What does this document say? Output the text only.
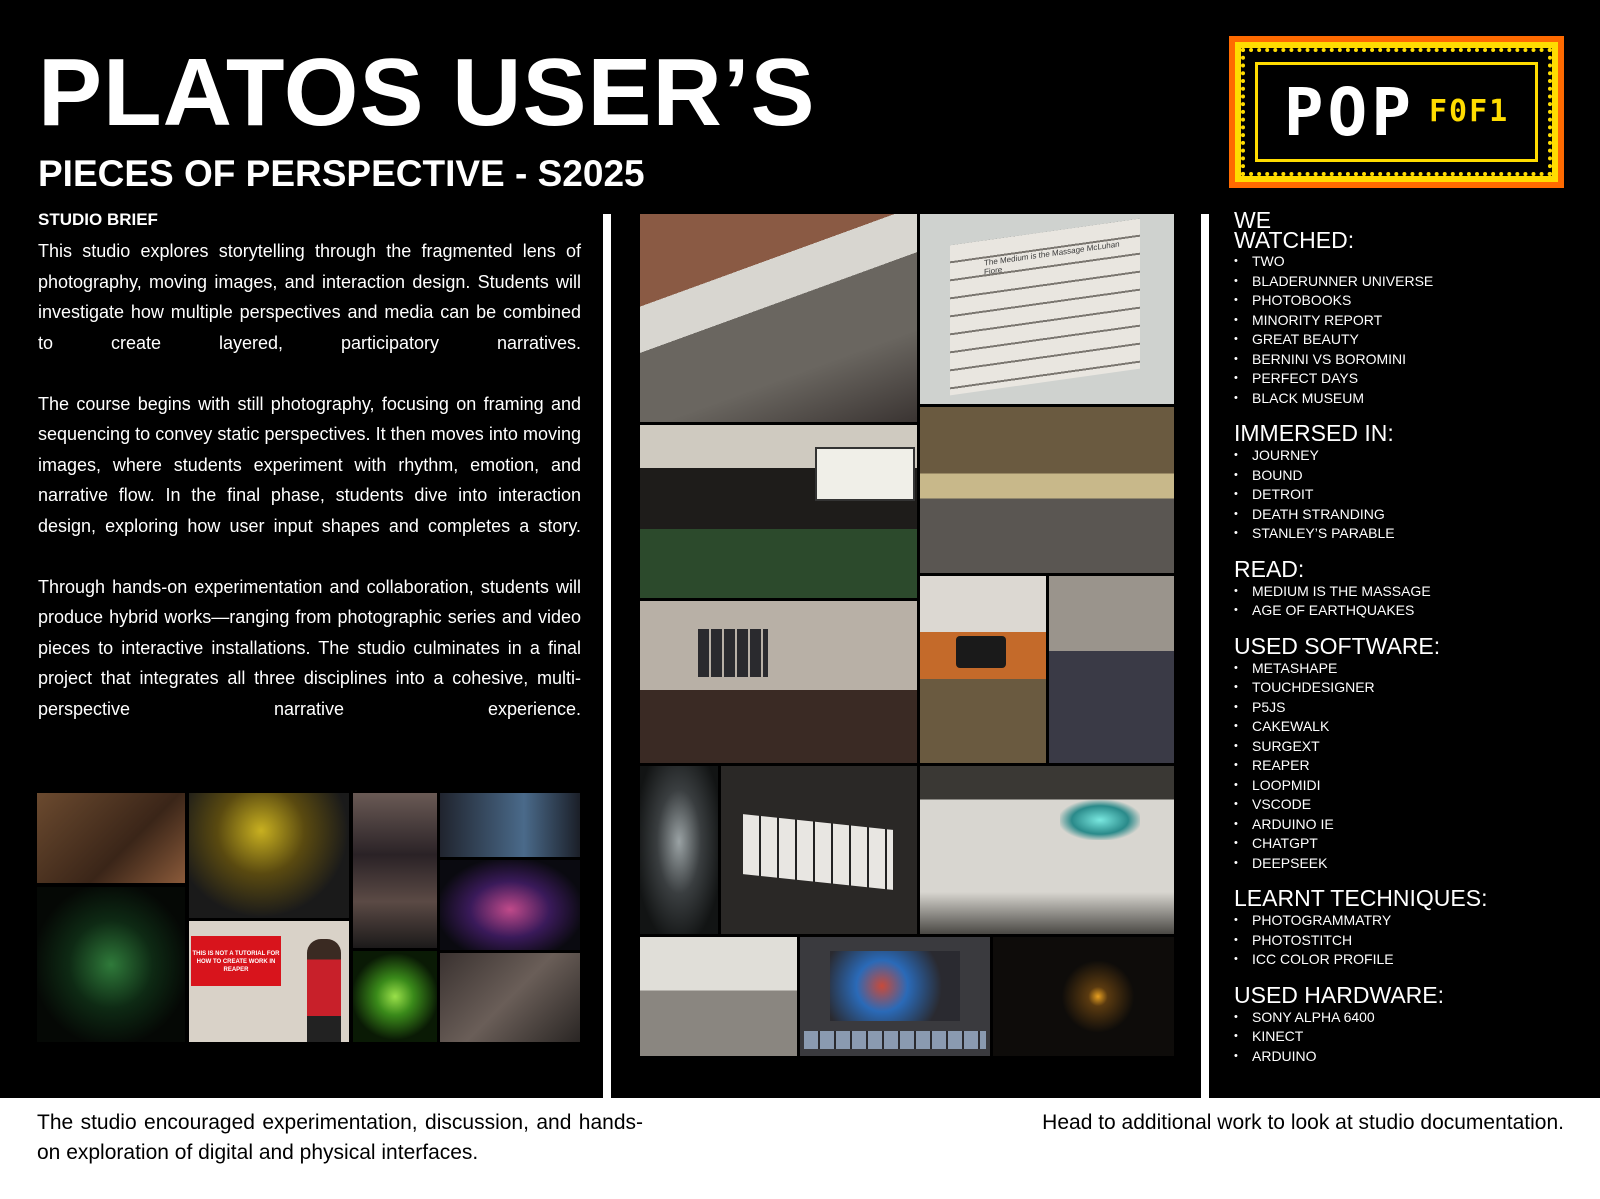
PLATOS USER’S
PIECES OF PERSPECTIVE - S2025
POP F0F1
STUDIO BRIEF

This studio explores storytelling through the fragmented lens of photography, moving images, and interaction design. Students will investigate how multiple perspectives and media can be combined to create layered, participatory narratives.

The course begins with still photography, focusing on framing and sequencing to convey static perspectives. It then moves into moving images, where students experiment with rhythm, emotion, and narrative flow. In the final phase, students dive into interaction design, exploring how user input shapes and completes a story.

Through hands-on experimentation and collaboration, students will produce hybrid works—ranging from photographic series and video pieces to interactive installations. The studio culminates in a final project that integrates all three disciplines into a cohesive, multi-perspective narrative experience.

THIS IS NOT A TUTORIAL FOR HOW TO CREATE WORK IN REAPER
The Medium is the Massage McLuhan Fiore
WE WATCHED:
• TWO
• BLADERUNNER UNIVERSE
• PHOTOBOOKS
• MINORITY REPORT
• GREAT BEAUTY
• BERNINI VS BOROMINI
• PERFECT DAYS
• BLACK MUSEUM
IMMERSED IN:
• JOURNEY
• BOUND
• DETROIT
• DEATH STRANDING
• STANLEY’S PARABLE
READ:
• MEDIUM IS THE MASSAGE
• AGE OF EARTHQUAKES
USED SOFTWARE:
• METASHAPE
• TOUCHDESIGNER
• P5JS
• CAKEWALK
• SURGEXT
• REAPER
• LOOPMIDI
• VSCODE
• ARDUINO IE
• CHATGPT
• DEEPSEEK
LEARNT TECHNIQUES:
• PHOTOGRAMMATRY
• PHOTOSTITCH
• ICC COLOR PROFILE
USED HARDWARE:
• SONY ALPHA 6400
• KINECT
• ARDUINO
The studio encouraged experimentation, discussion, and hands-on exploration of digital and physical interfaces.
Head to additional work to look at studio documentation.
